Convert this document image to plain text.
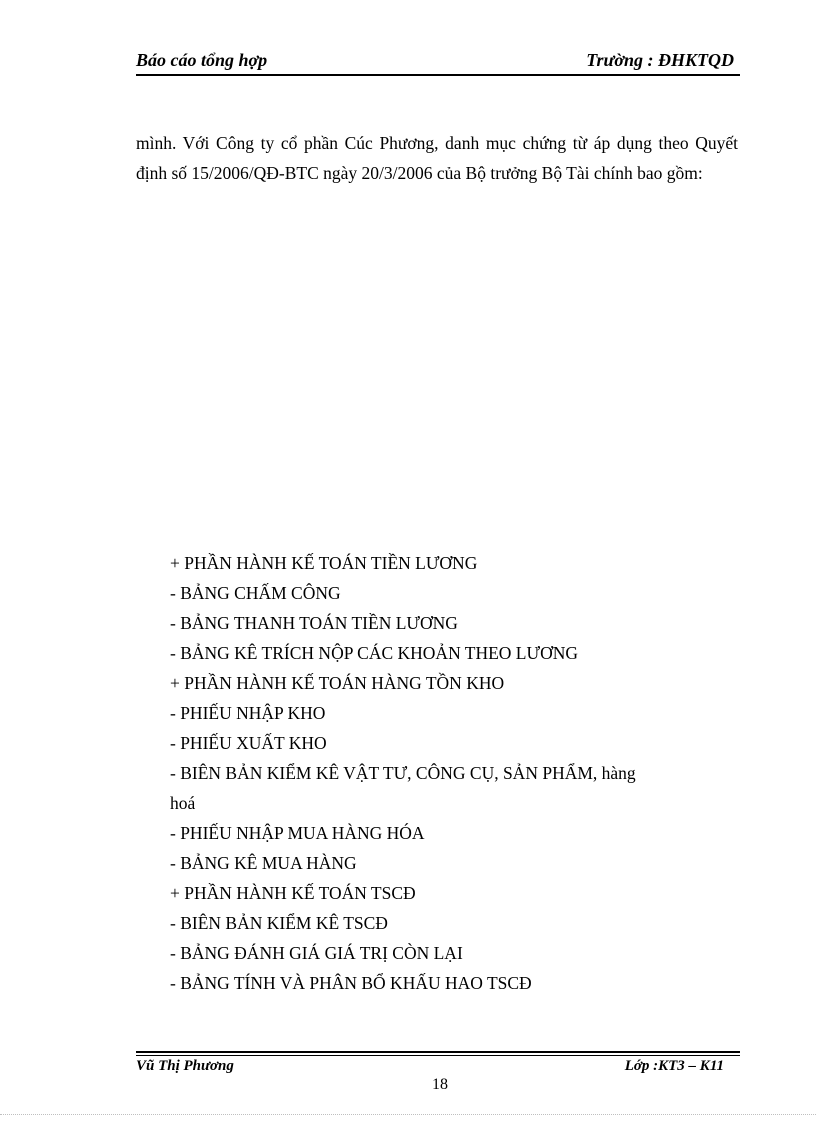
Báo cáo tổng hợp	Trường : ĐHKTQD
mình. Với Công ty cổ phần Cúc Phương, danh mục chứng từ áp dụng theo Quyết định số 15/2006/QĐ-BTC ngày 20/3/2006 của Bộ trưởng Bộ Tài chính bao gồm:
+ PHẦN HÀNH KẾ TOÁN TIỀN LƯƠNG
- BẢNG CHẤM CÔNG
- BẢNG THANH TOÁN TIỀN LƯƠNG
- BẢNG KÊ TRÍCH NỘP CÁC KHOẢN THEO LƯƠNG
+ PHẦN HÀNH KẾ TOÁN HÀNG TỒN KHO
- PHIẾU NHẬP KHO
- PHIẾU XUẤT KHO
- BIÊN BẢN KIỂM KÊ VẬT TƯ, CÔNG CỤ, SẢN PHẨM, hàng
hoá
- PHIẾU NHẬP MUA HÀNG HÓA
- BẢNG KÊ MUA HÀNG
+ PHẦN HÀNH KẾ TOÁN TSCĐ
- BIÊN BẢN KIỂM KÊ TSCĐ
- BẢNG ĐÁNH GIÁ GIÁ TRỊ CÒN LẠI
- BẢNG TÍNH VÀ PHÂN BỔ KHẤU HAO TSCĐ
Vũ Thị Phương	Lớp :KT3 – K11
18
